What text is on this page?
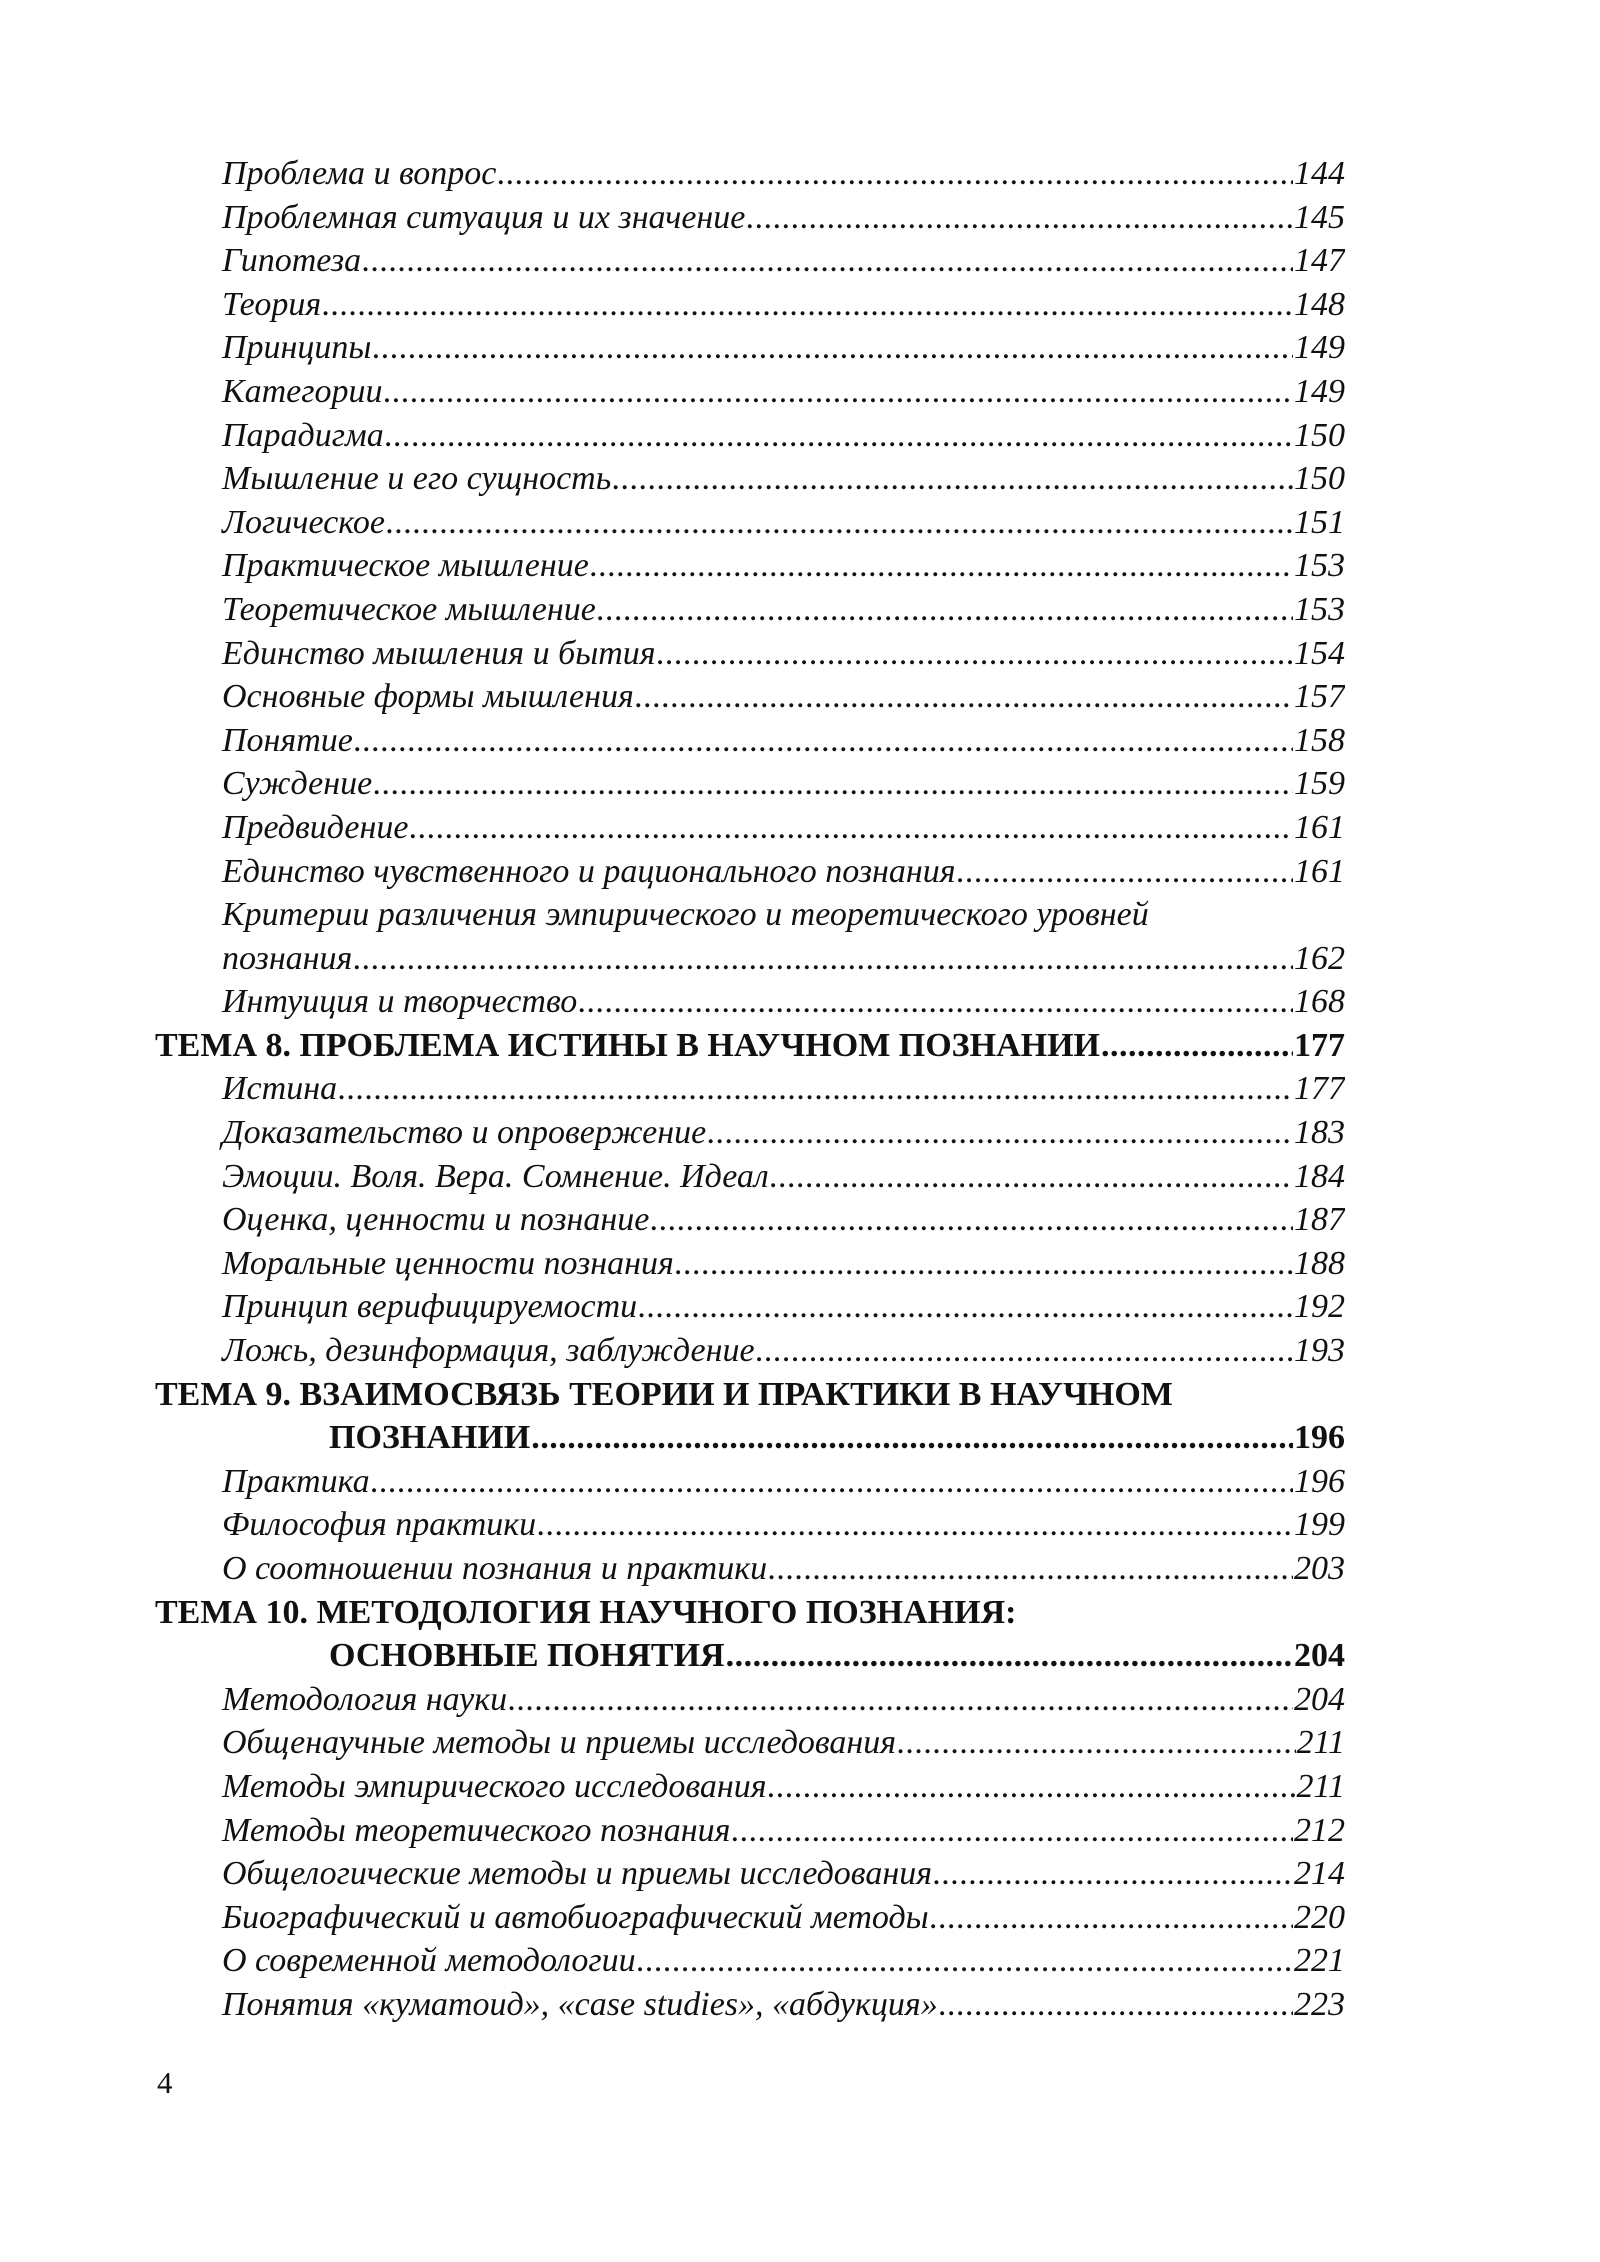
Проблема и вопрос .....	144
Проблемная ситуация и их значение .....	145
Гипотеза .....	147
Теория .....	148
Принципы .....	149
Категории .....	149
Парадигма .....	150
Мышление и его сущность .....	150
Логическое .....	151
Практическое мышление .....	153
Теоретическое мышление .....	153
Единство мышления и бытия .....	154
Основные формы мышления .....	157
Понятие .....	158
Суждение .....	159
Предвидение .....	161
Единство чувственного и рационального познания .....	161
Критерии различения эмпирического и теоретического уровней
познания .....	162
Интуиция и творчество .....	168
ТЕМА 8. ПРОБЛЕМА ИСТИНЫ В НАУЧНОМ ПОЗНАНИИ .....	177
Истина .....	177
Доказательство и опровержение .....	183
Эмоции. Воля. Вера. Сомнение. Идеал .....	184
Оценка, ценности и познание .....	187
Моральные ценности познания .....	188
Принцип верифицируемости .....	192
Ложь, дезинформация, заблуждение .....	193
ТЕМА 9. ВЗАИМОСВЯЗЬ ТЕОРИИ И ПРАКТИКИ В НАУЧНОМ
ПОЗНАНИИ .....	196
Практика .....	196
Философия практики .....	199
О соотношении познания и практики .....	203
ТЕМА 10. МЕТОДОЛОГИЯ НАУЧНОГО ПОЗНАНИЯ:
ОСНОВНЫЕ ПОНЯТИЯ .....	204
Методология науки .....	204
Общенаучные методы и приемы исследования .....	211
Методы эмпирического исследования .....	211
Методы теоретического познания .....	212
Общелогические методы и приемы исследования .....	214
Биографический и автобиографический методы .....	220
О современной методологии .....	221
Понятия «куматоид», «case studies», «абдукция» .....	223
4
